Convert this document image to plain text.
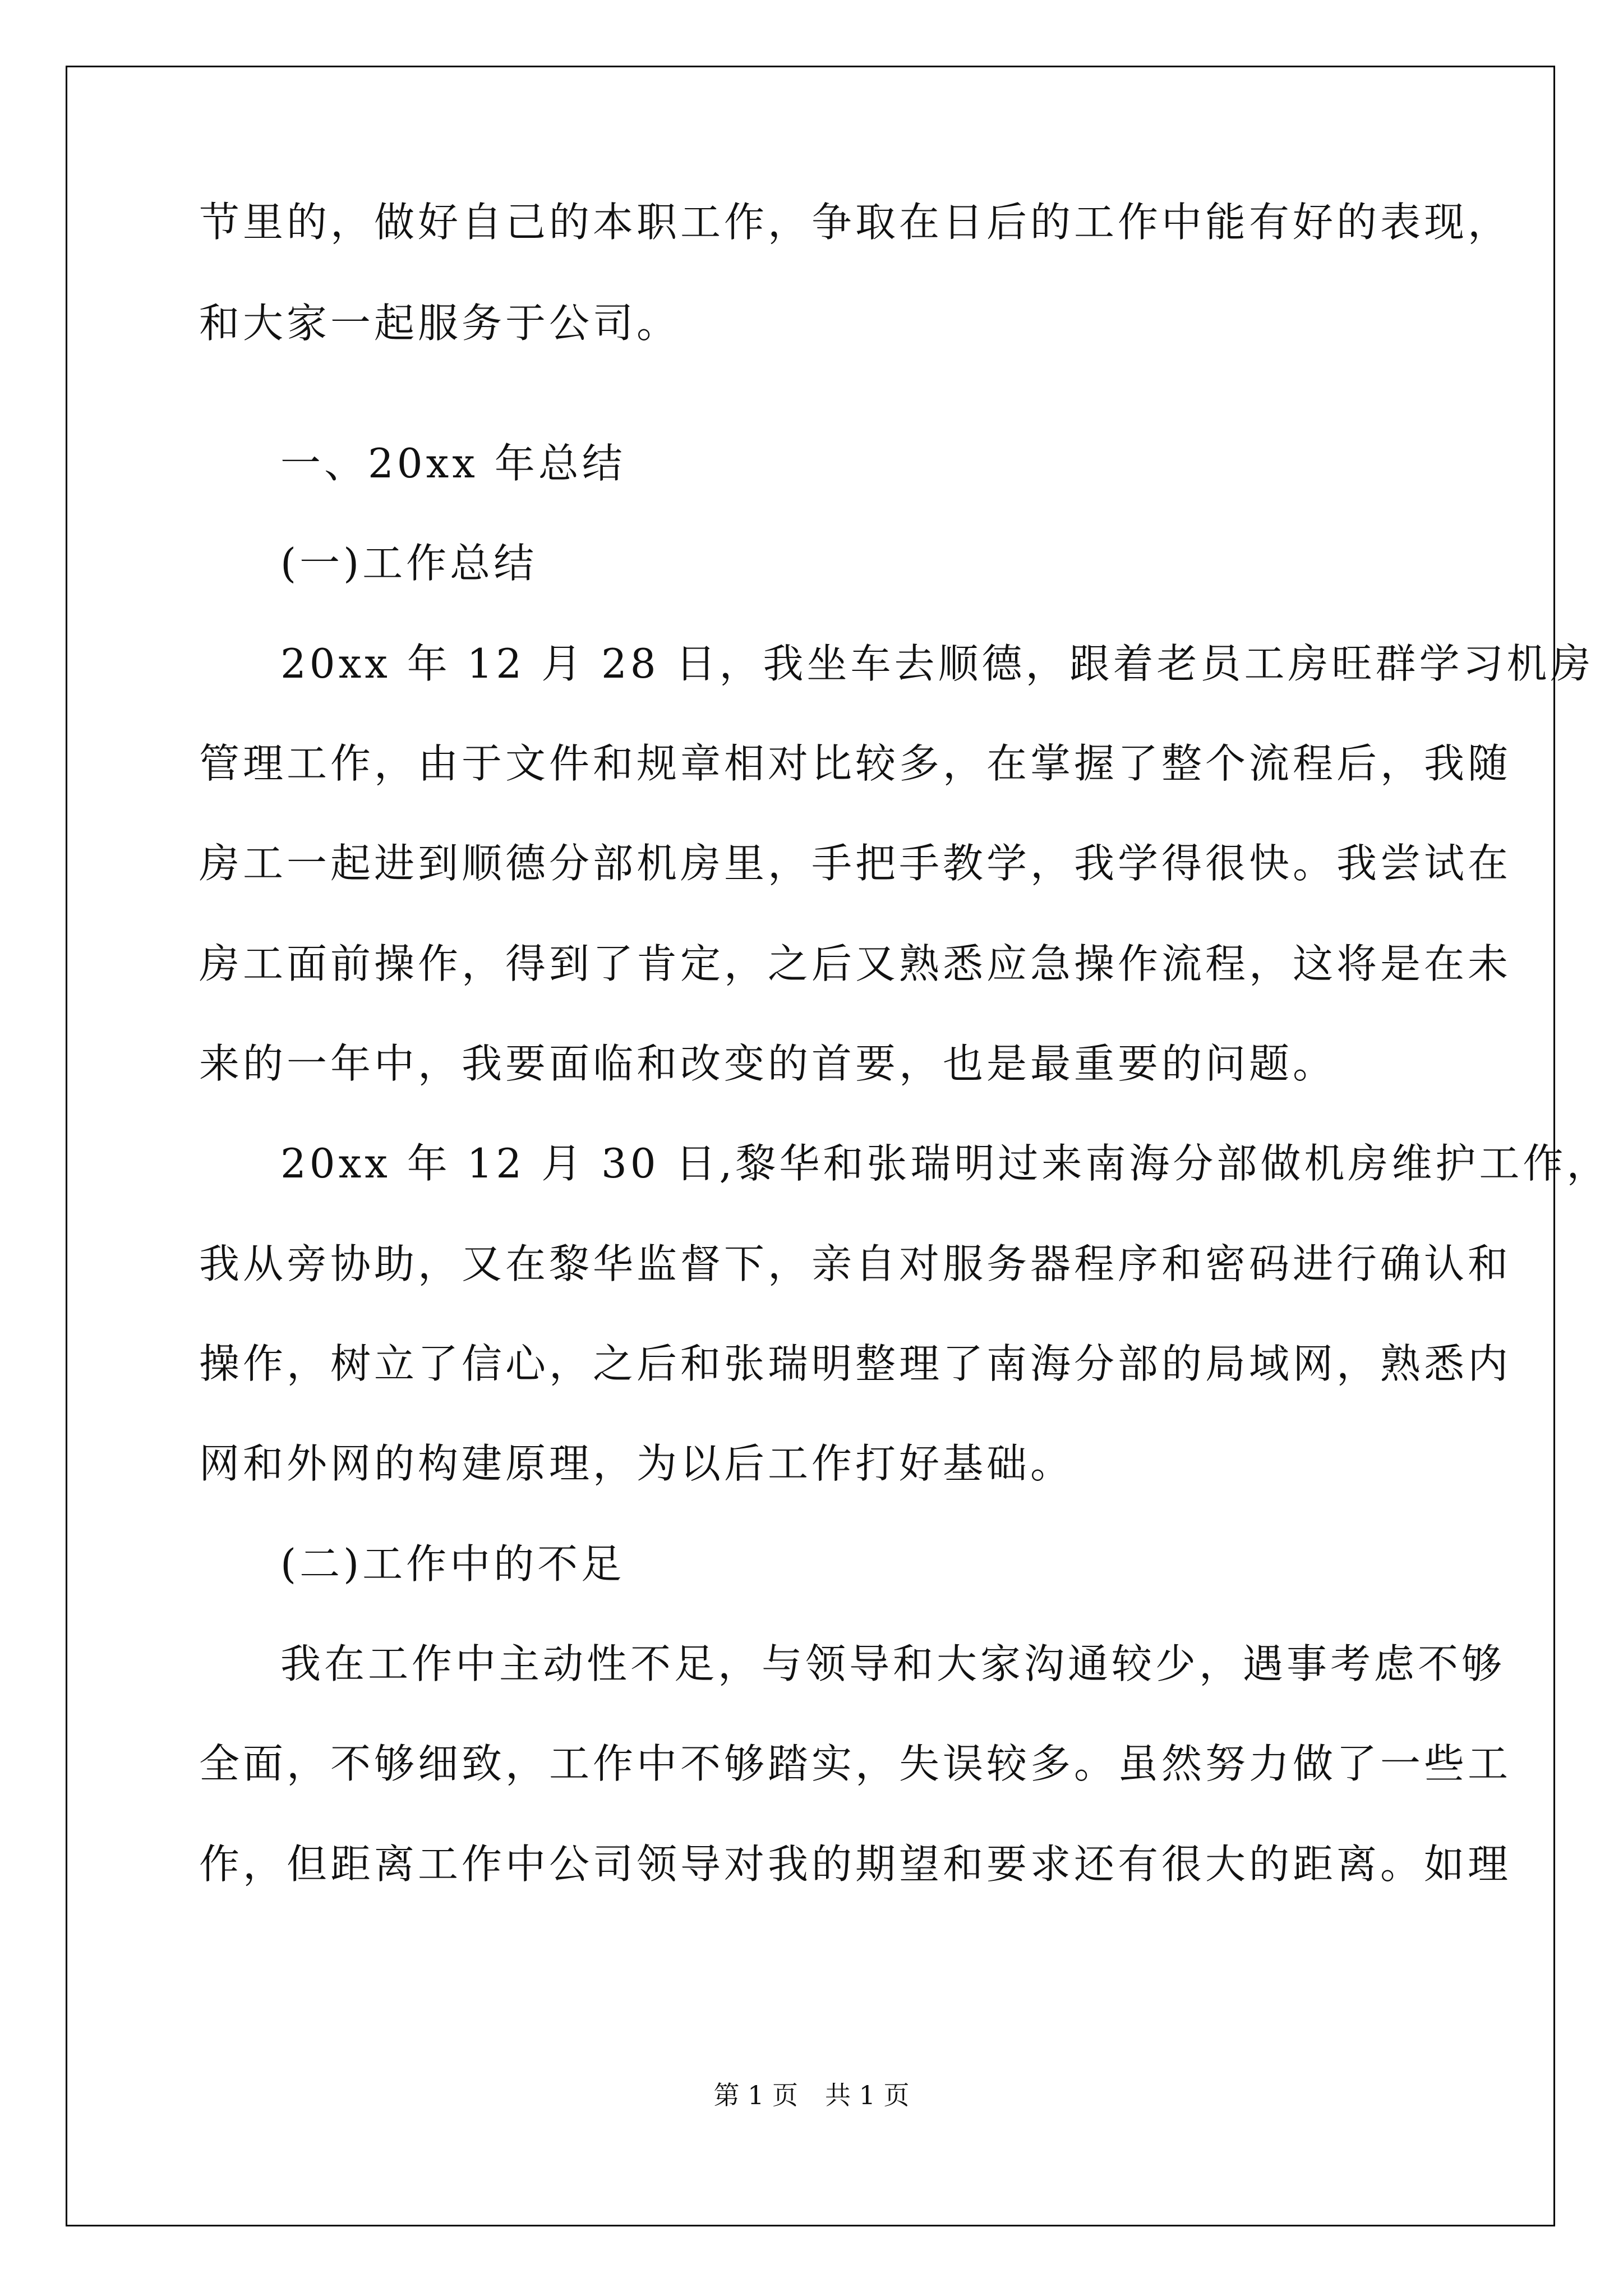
节里的，做好自己的本职工作，争取在日后的工作中能有好的表现，
和大家一起服务于公司。
一、20xx 年总结
(一)工作总结
20xx 年 12 月 28 日，我坐车去顺德，跟着老员工房旺群学习机房
管理工作，由于文件和规章相对比较多，在掌握了整个流程后，我随
房工一起进到顺德分部机房里，手把手教学，我学得很快。我尝试在
房工面前操作，得到了肯定，之后又熟悉应急操作流程，这将是在未
来的一年中，我要面临和改变的首要，也是最重要的问题。
20xx 年 12 月 30 日,黎华和张瑞明过来南海分部做机房维护工作，
我从旁协助，又在黎华监督下，亲自对服务器程序和密码进行确认和
操作，树立了信心，之后和张瑞明整理了南海分部的局域网，熟悉内
网和外网的构建原理，为以后工作打好基础。
(二)工作中的不足
我在工作中主动性不足，与领导和大家沟通较少，遇事考虑不够
全面，不够细致，工作中不够踏实，失误较多。虽然努力做了一些工
作，但距离工作中公司领导对我的期望和要求还有很大的距离。如理
第 1 页 共 1 页
